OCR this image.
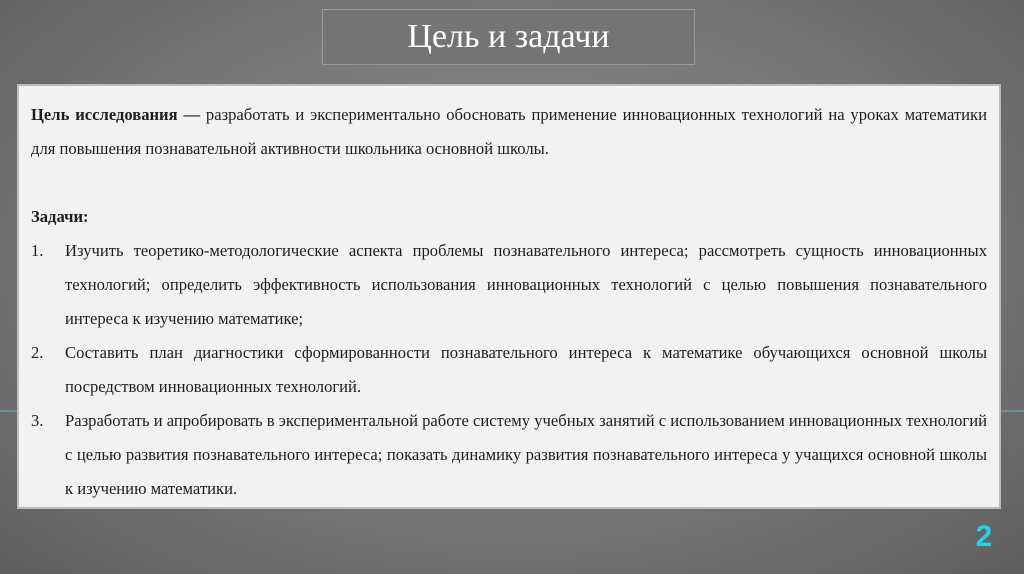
Цель и задачи

Цель исследования — разработать и экспериментально обосновать применение инновационных технологий на уроках математики для повышения познавательной активности школьника основной школы.

Задачи:

1.	Изучить теоретико-методологические аспекта проблемы познавательного интереса; рассмотреть сущность инновационных технологий; определить эффективность использования инновационных технологий с целью повышения познавательного интереса к изучению математике;
2.	Составить план диагностики сформированности познавательного интереса к математике обучающихся основной школы посредством инновационных технологий.
3.	Разработать и апробировать в экспериментальной работе систему учебных занятий с использованием инновационных технологий с целью развития познавательного интереса; показать динамику развития познавательного интереса у учащихся основной школы к изучению математики.
2
